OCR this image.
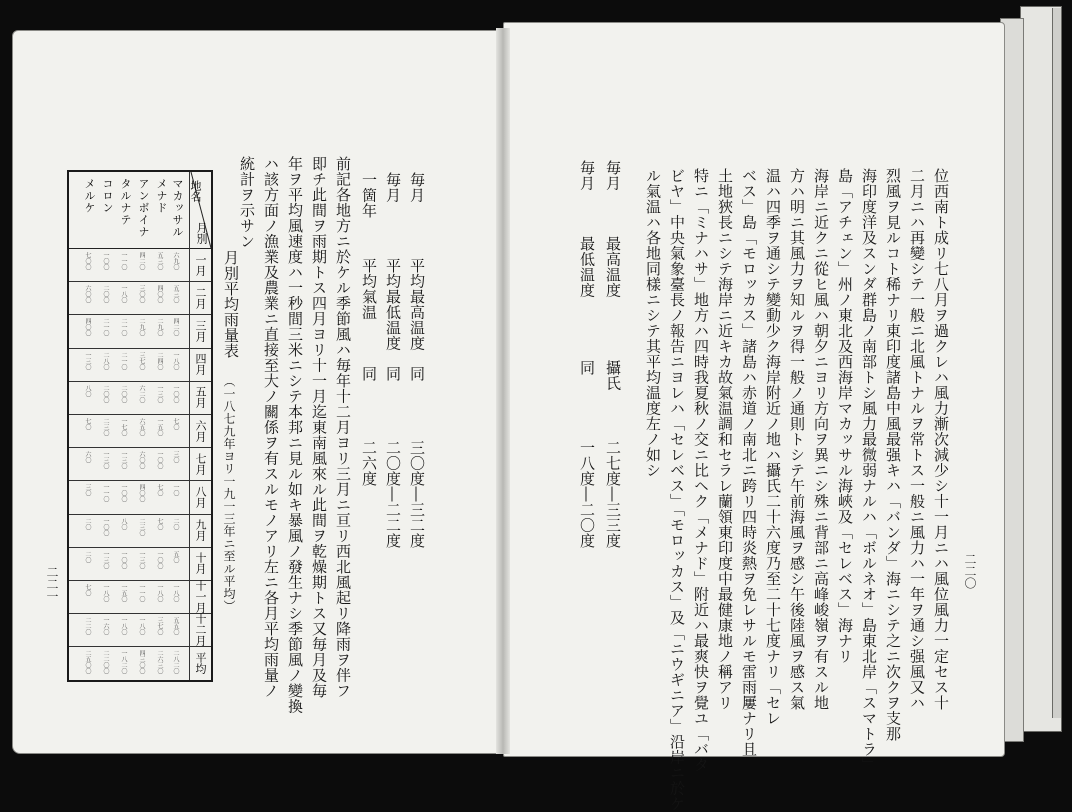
二二〇
位西南ト成リ七八月ヲ過クレハ風力漸次減少シ十一月ニハ風位風力一定セス十
二月ニハ再變シテ一般ニ北風トナルヲ常トス一般ニ風力ハ一年ヲ通シ强風又ハ
烈風ヲ見ルコト稀ナリ東印度諸島中風最强キハ「バンダ」海ニシテ之ニ次クヲ支那
海印度洋及スンダ群島ノ南部トシ風力最微弱ナルハ「ボルネオ」島東北岸「スマトラ」
島「アチェン」州ノ東北及西海岸マカッサル海峽及「セレベス」海ナリ
海岸ニ近クニ從ヒ風ハ朝夕ニヨリ方向ヲ異ニシ殊ニ背部ニ高峰峻嶺ヲ有スル地
方ハ明ニ其風力ヲ知ルヲ得一般ノ通則トシテ午前海風ヲ感シ午後陸風ヲ感ス氣
温ハ四季ヲ通シテ變動少ク海岸附近ノ地ハ攝氏二十六度乃至二十七度ナリ「セレ
ベス」島「モロッカス」諸島ハ赤道ノ南北ニ跨リ四時炎熱ヲ免レサルモ雷雨屢ナリ且
土地狹長ニシテ海岸ニ近キカ故氣温調和セラレ蘭領東印度中最健康地ノ稱アリ
特ニ「ミナハサ」地方ハ四時我夏秋ノ交ニ比ヘク「メナド」附近ハ最爽快ヲ覺ユ「バタ
ビヤ」中央氣象臺長ノ報告ニヨレハ「セレベス」「モロッカス」及「ニウギニア」沿岸ニ於ケ
ル氣温ハ各地同樣ニシテ其平均温度左ノ如シ
毎月
最高温度
攝氏
二七度―三三度
毎月
最低温度
同
一八度―二〇度
毎月
平均最高温度
同
三〇度―三二度
毎月
平均最低温度
同
二〇度―二二度
一箇年
平均氣温
同
二六度
前記各地方ニ於ケル季節風ハ毎年十二月ヨリ三月ニ亘リ西北風起リ降雨ヲ伴フ
即チ此間ヲ雨期トス四月ヨリ十一月迄東南風來ル此間ヲ乾燥期トス又毎月及毎
年ヲ平均風速度ハ一秒間三米ニシテ本邦ニ見ル如キ暴風ノ發生ナシ季節風ノ變換
ハ該方面ノ漁業及農業ニ直接至大ノ關係ヲ有スルモノアリ左ニ各月平均雨量ノ
統計ヲ示サン
月別平均雨量表
（一八七九年ヨリ一九一三年ニ至ル平均）
二二一
地名
月別
マカッサル
メナド
アンボイナ
タルナテ
コロン
メルケ
一月
六九〇
五三〇
四二〇
一一〇
一〇〇
七〇〇
二月
五三〇
四〇〇
三〇〇
一八〇
二〇〇
六〇〇
三月
四二〇
二九〇
二九〇
二一〇
二一〇
四〇〇
四月
一八〇
二四〇
三七〇
二一〇
二八〇
一三〇
五月
一〇〇
一三〇
六二〇
二〇〇
二〇〇
八〇
六月
七〇
一五〇
六五〇
一七〇
二三〇
七〇
七月
三〇
一〇〇
六〇〇
一三〇
一三〇
六〇
八月
一〇
七〇
四〇〇
一〇〇
一一〇
三〇
九月
二〇
七〇
二三〇
八〇
一〇〇
二〇
十月
五〇
一〇〇
一三〇
一〇〇
一三〇
二〇
十一月
一八〇
一八〇
一一〇
一五〇
一八〇
七〇
十二月
五五〇
三七〇
一八〇
一八〇
一六〇
二二〇
平均
二八二〇
二六三〇
四三〇〇
一八二〇
二二〇〇
二五〇〇
